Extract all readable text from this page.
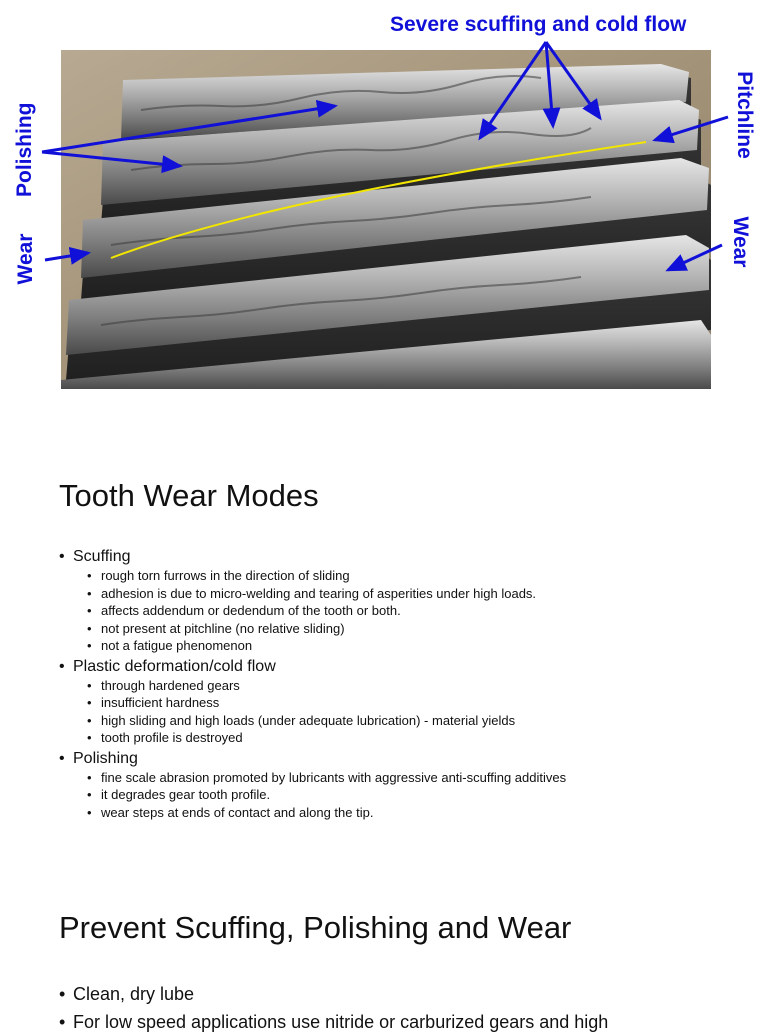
Severe scuffing and cold flow
Polishing
Wear
Pitchline
Wear
Tooth Wear Modes
• Scuffing
• rough torn furrows in the direction of sliding
• adhesion is due to micro-welding and tearing of asperities under high loads.
• affects addendum or dedendum of the tooth or both.
• not present at pitchline (no relative sliding)
• not a fatigue phenomenon
• Plastic deformation/cold flow
• through hardened gears
• insufficient hardness
• high sliding and high loads (under adequate lubrication) - material yields
• tooth profile is destroyed
• Polishing
• fine scale abrasion promoted by lubricants with aggressive anti-scuffing additives
• it degrades gear tooth profile.
• wear steps at ends of contact and along the tip.
Prevent Scuffing, Polishing and Wear
• Clean, dry lube
• For low speed applications use nitride or carburized gears and high
